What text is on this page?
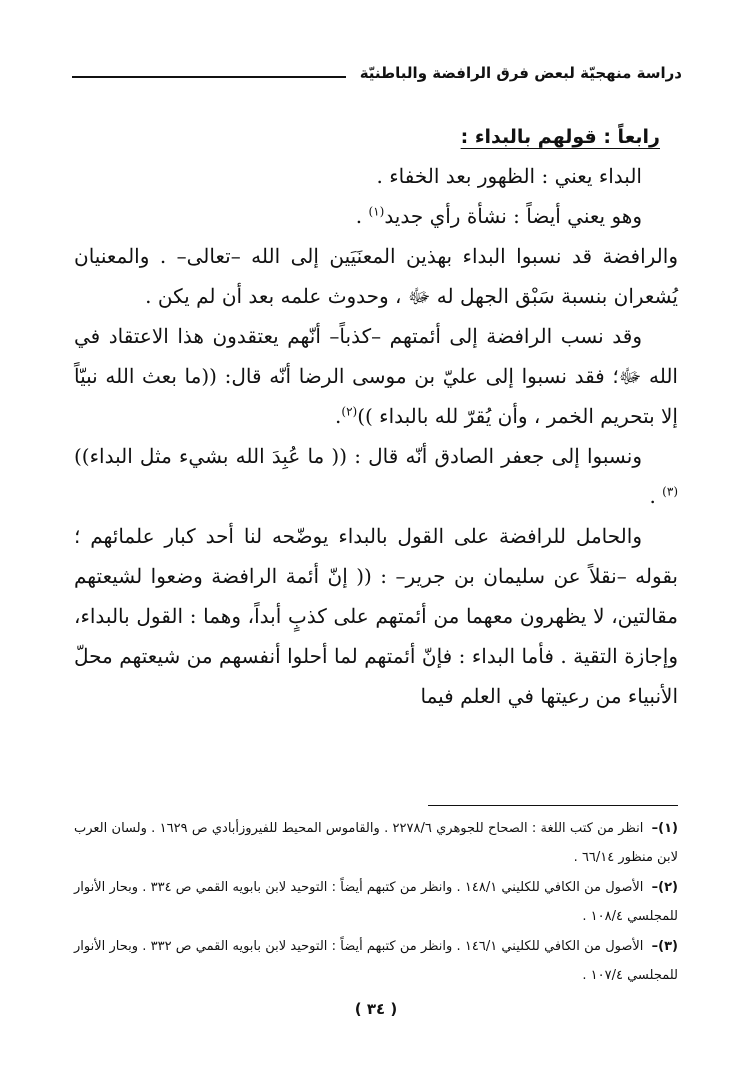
دراسة منهجيّة لبعض فرق الرافضة والباطنيّة
رابعاً : قولهم بالبداء :

البداء يعني : الظهور بعد الخفاء .

وهو يعني أيضاً : نشأة رأي جديد$^{(١)}$ .

والرافضة قد نسبوا البداء بهذين المعنَيَين إلى الله –تعالى– . والمعنيان يُشعران بنسبة سَبْق الجهل له ﷻ ، وحدوث علمه بعد أن لم يكن .

وقد نسب الرافضة إلى أئمتهم –كذباً– أنّهم يعتقدون هذا الاعتقاد في الله ﷻ؛ فقد نسبوا إلى عليّ بن موسى الرضا أنّه قال: ((ما بعث الله نبيّاً إلا بتحريم الخمر ، وأن يُقرّ لله بالبداء ))$^{(٢)}$.

ونسبوا إلى جعفر الصادق أنّه قال : (( ما عُبِدَ الله بشيء مثل البداء))$^{(٣)}$ .

والحامل للرافضة على القول بالبداء يوضّحه لنا أحد كبار علمائهم ؛ بقوله –نقلاً عن سليمان بن جرير– : (( إنّ أئمة الرافضة وضعوا لشيعتهم مقالتين، لا يظهرون معهما من أئمتهم على كذبٍ أبداً، وهما : القول بالبداء، وإجازة التقية . فأما البداء : فإنّ أئمتهم لما أحلوا أنفسهم من شيعتهم محلّ الأنبياء من رعيتها في العلم فيما

(١)– انظر من كتب اللغة : الصحاح للجوهري ٢٢٧٨/٦ . والقاموس المحيط للفيروزأبادي ص ١٦٢٩ . ولسان العرب لابن منظور ٦٦/١٤ .

(٢)– الأصول من الكافي للكليني ١٤٨/١ . وانظر من كتبهم أيضاً : التوحيد لابن بابويه القمي ص ٣٣٤ . وبحار الأنوار للمجلسي ١٠٨/٤ .

(٣)– الأصول من الكافي للكليني ١٤٦/١ . وانظر من كتبهم أيضاً : التوحيد لابن بابويه القمي ص ٣٣٢ . وبحار الأنوار للمجلسي ١٠٧/٤ .

( ٣٤ )
